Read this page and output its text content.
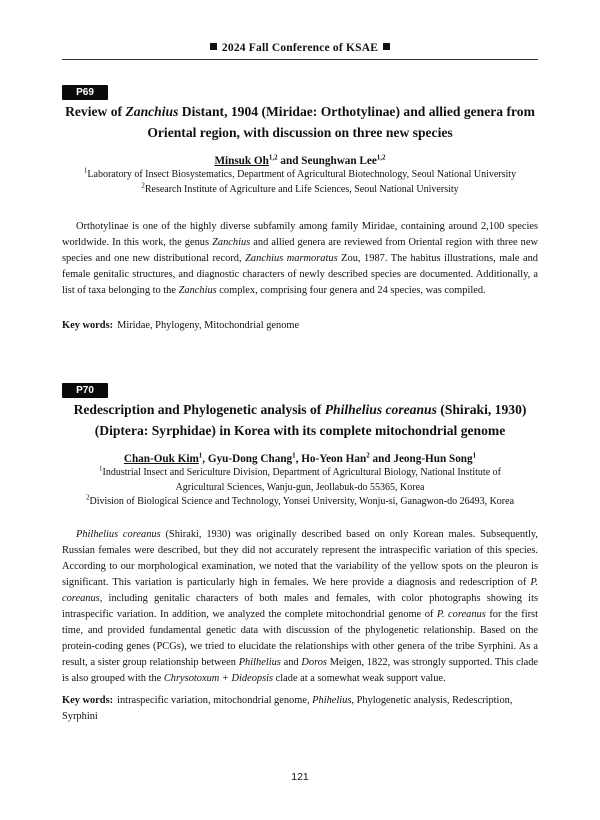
2024 Fall Conference of KSAE
P69
Review of Zanchius Distant, 1904 (Miridae: Orthotylinae) and allied genera from
Oriental region, with discussion on three new species
Minsuk Oh$^{1,2}$ and Seunghwan Lee$^{1,2}$
$^1$Laboratory of Insect Biosystematics, Department of Agricultural Biotechnology, Seoul National University
$^2$Research Institute of Agriculture and Life Sciences, Seoul National University
Orthotylinae is one of the highly diverse subfamily among family Miridae, containing around 2,100 species worldwide. In this work, the genus Zanchius and allied genera are reviewed from Oriental region with three new species and one new distributional record, Zanchius marmoratus Zou, 1987. The habitus illustrations, male and female genitalic structures, and diagnostic characters of newly described species are documented. Additionally, a list of taxa belonging to the Zanchius complex, comprising four genera and 24 species, was compiled.
Key words: Miridae, Phylogeny, Mitochondrial genome
P70
Redescription and Phylogenetic analysis of Philhelius coreanus (Shiraki, 1930)
(Diptera: Syrphidae) in Korea with its complete mitochondrial genome
Chan-Ouk Kim$^1$, Gyu-Dong Chang$^1$, Ho-Yeon Han$^2$ and Jeong-Hun Song$^1$
$^1$Industrial Insect and Sericulture Division, Department of Agricultural Biology, National Institute of
Agricultural Sciences, Wanju-gun, Jeollabuk-do 55365, Korea
$^2$Division of Biological Science and Technology, Yonsei University, Wonju-si, Ganagwon-do 26493, Korea
Philhelius coreanus (Shiraki, 1930) was originally described based on only Korean males. Subsequently, Russian females were described, but they did not accurately represent the intraspecific variation of this species. According to our morphological examination, we noted that the variability of the yellow spots on the pleuron is significant. This variation is particularly high in females. We here provide a diagnosis and redescription of P. coreanus, including genitalic characters of both males and females, with color photographs showing its intraspecific variation. In addition, we analyzed the complete mitochondrial genome of P. coreanus for the first time, and provided fundamental genetic data with discussion of the phylogenetic relationship. Based on the protein-coding genes (PCGs), we tried to elucidate the relationships with other genera of the tribe Syrphini. As a result, a sister group relationship between Philhelius and Doros Meigen, 1822, was strongly supported. This clade is also grouped with the Chrysotoxum + Dideopsis clade at a somewhat weak support value.
Key words: intraspecific variation, mitochondrial genome, Phihelius, Phylogenetic analysis, Redescription, Syrphini
121
